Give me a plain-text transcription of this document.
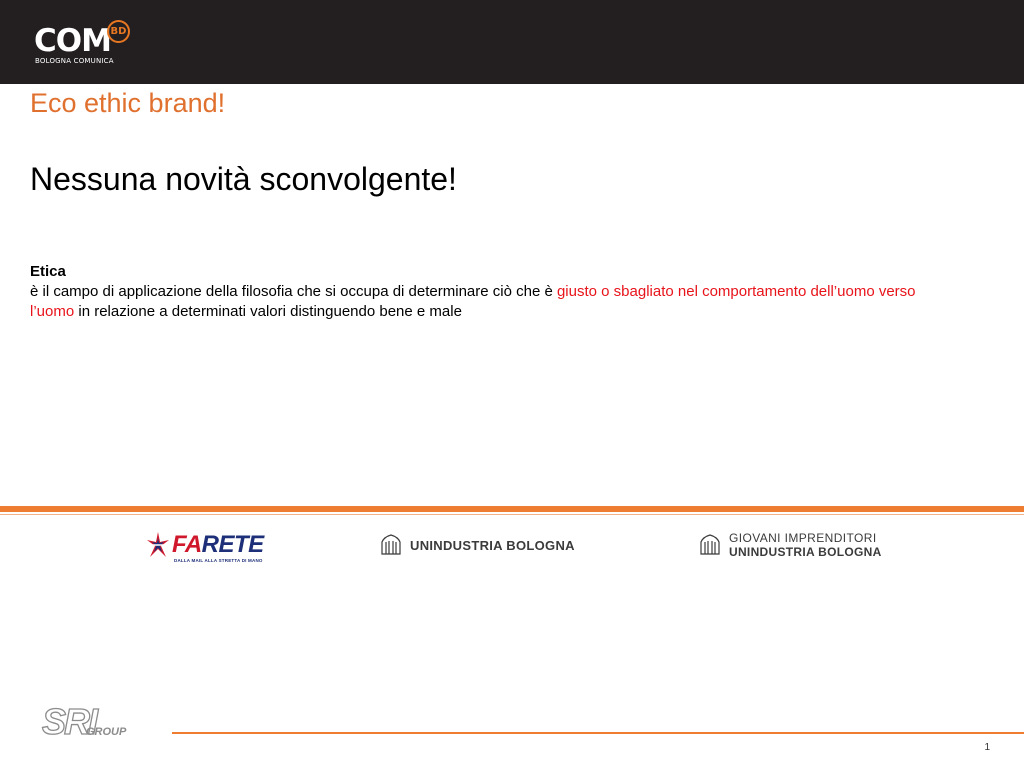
COM BD
BOLOGNA COMUNICA
Eco ethic brand!
Nessuna novità sconvolgente!
Etica
è il campo di applicazione della filosofia che si occupa di determinare ciò che è giusto o sbagliato nel comportamento dell’uomo verso l’uomo in relazione a determinati valori distinguendo bene e male
FARETE
DALLA MAIL ALLA STRETTA DI MANO
UNINDUSTRIA BOLOGNA	GIOVANI IMPRENDITORI
UNINDUSTRIA BOLOGNA
SRI
GROUP
1
